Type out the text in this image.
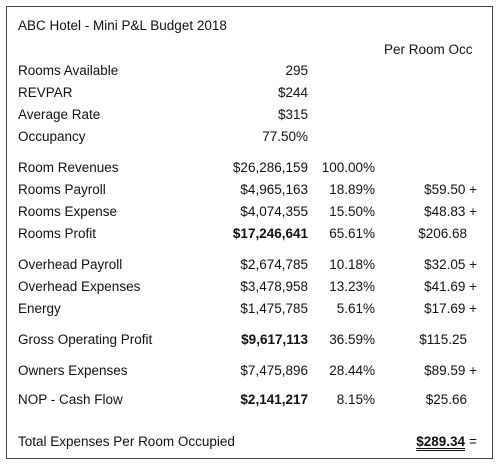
ABC Hotel - Mini P&L Budget 2018
Per Room Occ
Rooms Available	295
REVPAR	$244
Average Rate	$315
Occupancy	77.50%
Room Revenues	$26,286,159 100.00%
Rooms Payroll	$4,965,163 18.89%	$59.50 +
Rooms Expense	$4,074,355 15.50%	$48.83 +
Rooms Profit	$17,246,641 65.61%	$206.68
Overhead Payroll	$2,674,785 10.18%	$32.05 +
Overhead Expenses	$3,478,958 13.23%	$41.69 +
Energy	$1,475,785 5.61%	$17.69 +
Gross Operating Profit	$9,617,113 36.59%	$115.25
Owners Expenses	$7,475,896 28.44%	$89.59 +
NOP - Cash Flow	$2,141,217 8.15%	$25.66
Total Expenses Per Room Occupied	$289.34 =
